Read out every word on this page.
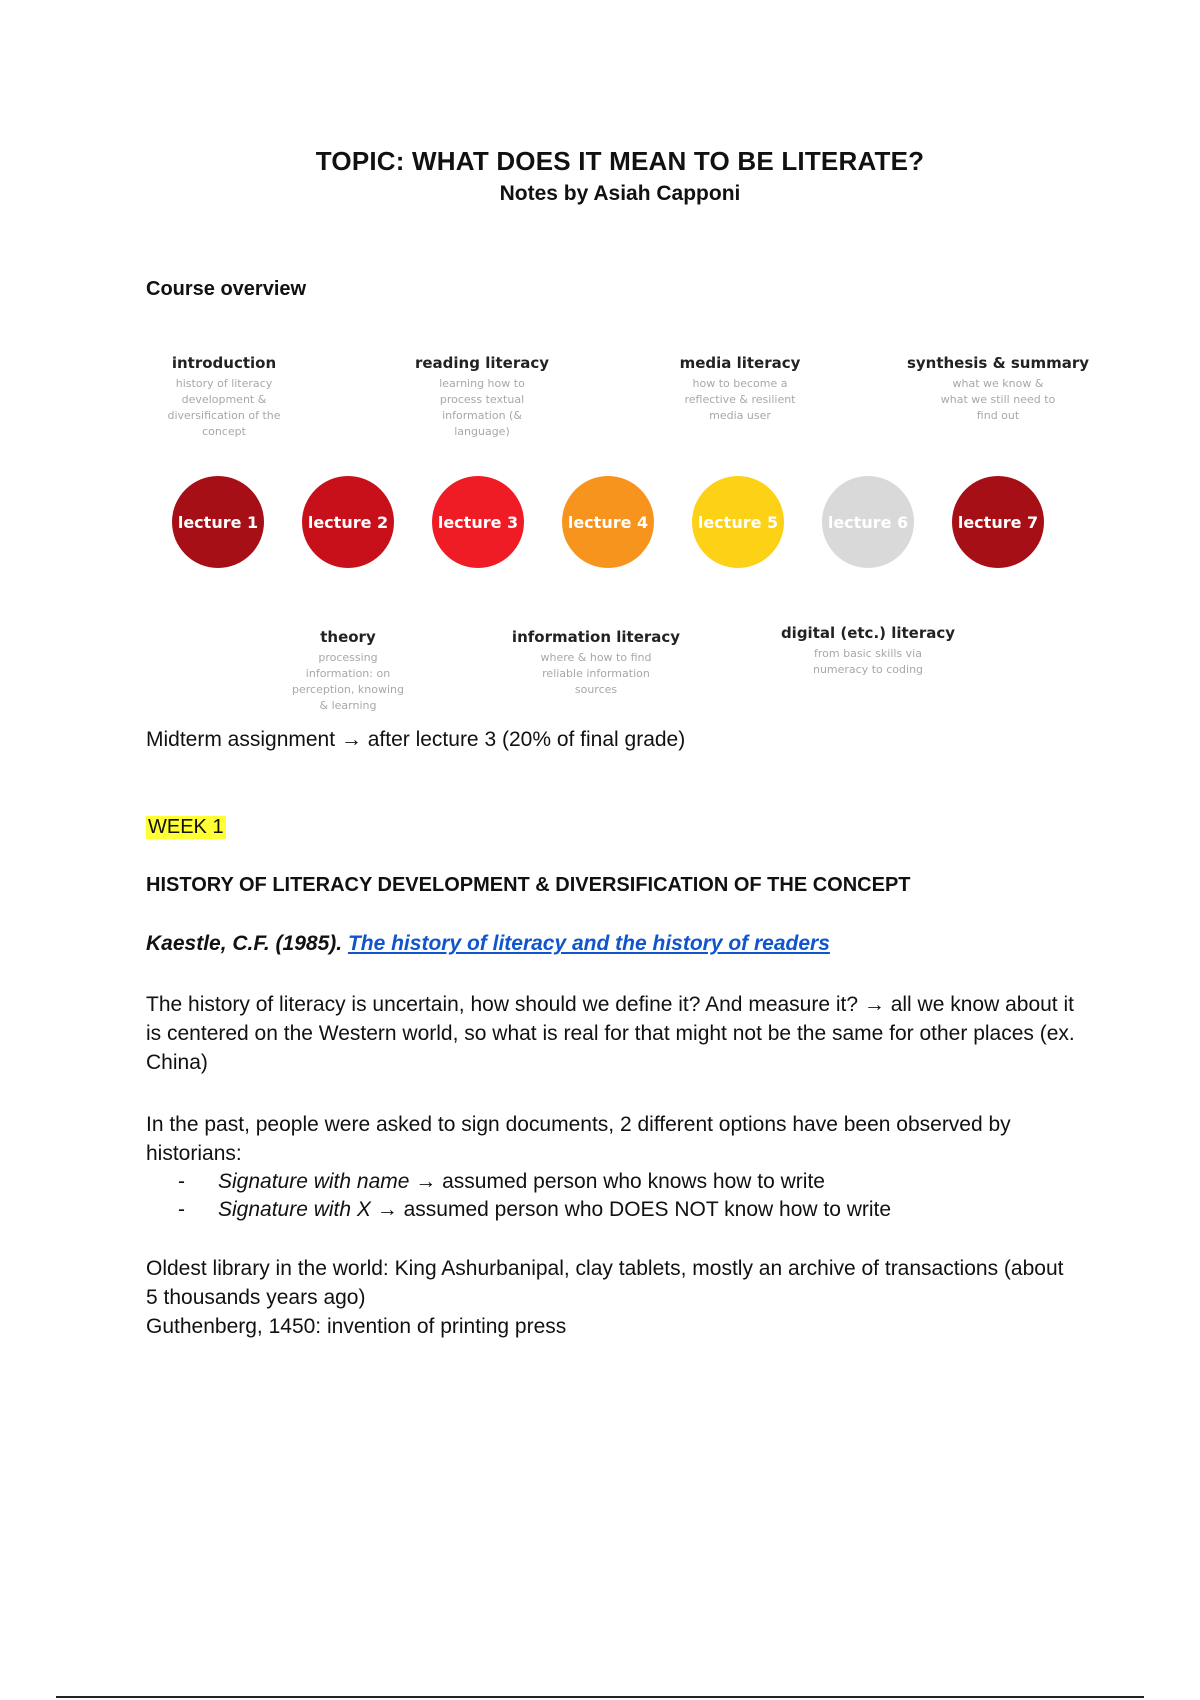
TOPIC: WHAT DOES IT MEAN TO BE LITERATE?
Notes by Asiah Capponi
Course overview
introduction
history of literacy development & diversification of the concept
reading literacy
learning how to process textual information (& language)
media literacy
how to become a reflective & resilient media user
synthesis & summary
what we know & what we still need to find out
lecture 1	lecture 2	lecture 3	lecture 4	lecture 5	lecture 6	lecture 7
theory
processing information: on perception, knowing & learning
information literacy
where & how to find reliable information sources
digital (etc.) literacy
from basic skills via numeracy to coding
Midterm assignment → after lecture 3 (20% of final grade)
WEEK 1
HISTORY OF LITERACY DEVELOPMENT & DIVERSIFICATION OF THE CONCEPT
Kaestle, C.F. (1985). The history of literacy and the history of readers
The history of literacy is uncertain, how should we define it? And measure it? → all we know about it is centered on the Western world, so what is real for that might not be the same for other places (ex. China)
In the past, people were asked to sign documents, 2 different options have been observed by historians:
-	Signature with name → assumed person who knows how to write
-	Signature with X → assumed person who DOES NOT know how to write
Oldest library in the world: King Ashurbanipal, clay tablets, mostly an archive of transactions (about 5 thousands years ago)
Guthenberg, 1450: invention of printing press
